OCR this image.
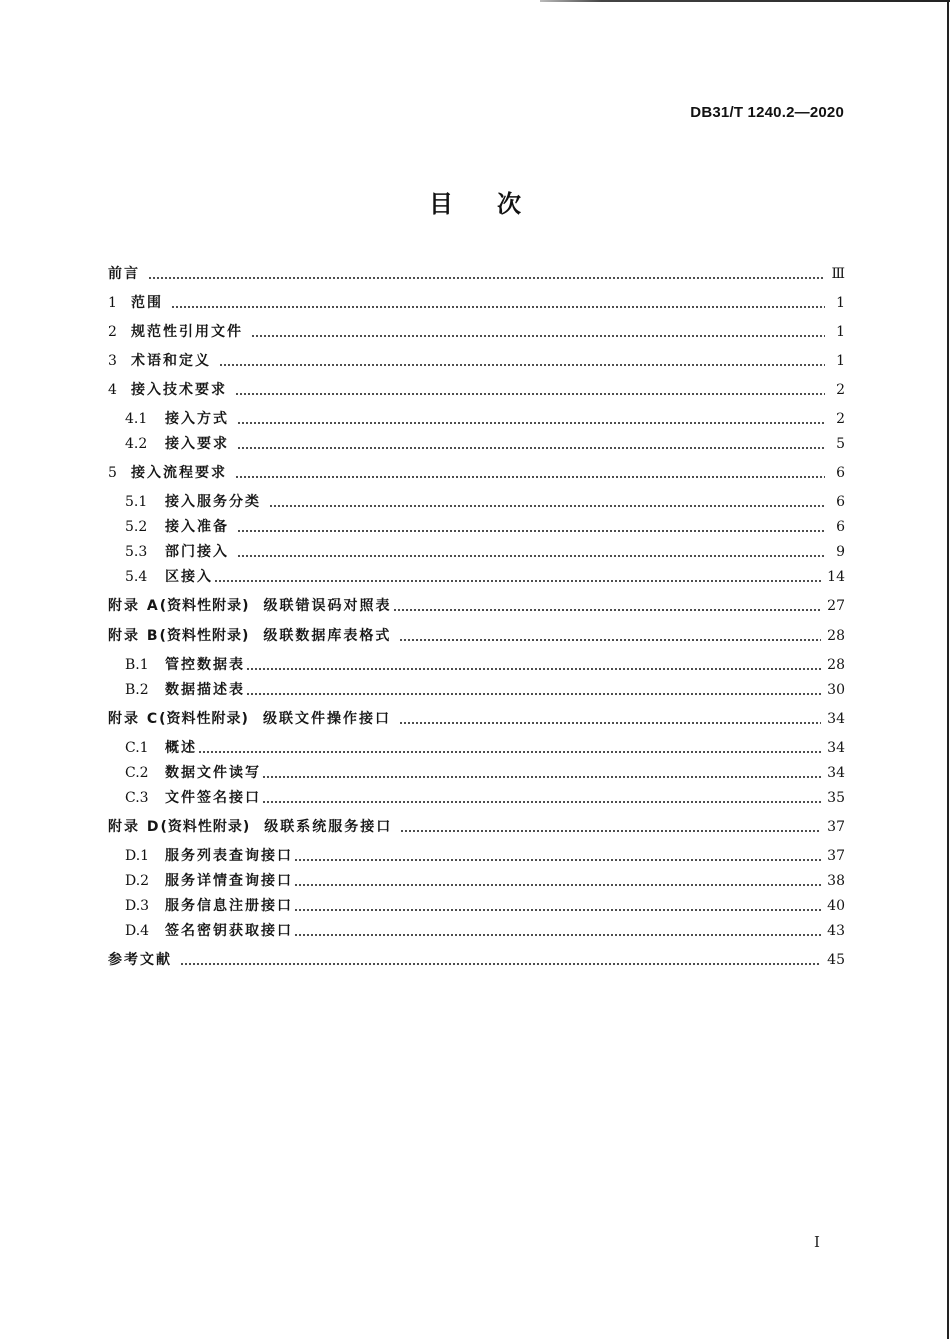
DB31/T 1240.2—2020
目次
前言	Ⅲ
1	范围	1
2	规范性引用文件	1
3	术语和定义	1
4	接入技术要求	2
4.1	接入方式	2
4.2	接入要求	5
5	接入流程要求	6
5.1	接入服务分类	6
5.2	接入准备	6
5.3	部门接入	9
5.4	区接入	14
附录 A (资料性附录) 级联错误码对照表	27
附录 B (资料性附录) 级联数据库表格式	28
B.1	管控数据表	28
B.2	数据描述表	30
附录 C (资料性附录) 级联文件操作接口	34
C.1	概述	34
C.2	数据文件读写	34
C.3	文件签名接口	35
附录 D (资料性附录) 级联系统服务接口	37
D.1	服务列表查询接口	37
D.2	服务详情查询接口	38
D.3	服务信息注册接口	40
D.4	签名密钥获取接口	43
参考文献	45
Ⅰ
